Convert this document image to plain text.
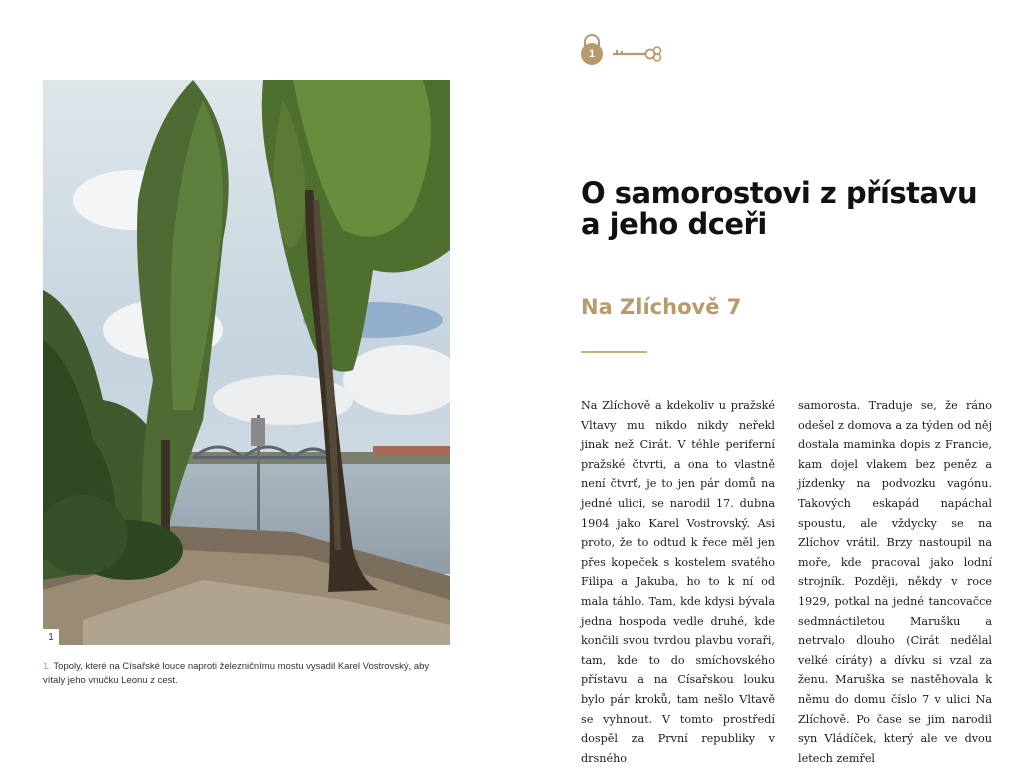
1
1. Topoly, které na Císařské louce naproti železničnímu mostu vysadil Karel Vostrovský, aby vítaly jeho vnučku Leonu z cest.
1
O samorostovi z přístavu a jeho dceři
Na Zlíchově 7
Na Zlíchově a kdekoliv u pražské Vltavy mu nikdo nikdy neřekl jinak než Cirát. V téhle periferní pražské čtvrti, a ona to vlastně není čtvrť, je to jen pár domů na jedné ulici, se narodil 17. dubna 1904 jako Karel Vostrovský. Asi proto, že to odtud k řece měl jen přes kopeček s kostelem svatého Filipa a Jakuba, ho to k ní od mala táhlo. Tam, kde kdysi bývala jedna hospoda vedle druhé, kde končili svou tvrdou plavbu voraři, tam, kde to do smíchovského přístavu a na Císařskou louku bylo pár kroků, tam nešlo Vltavě se vyhnout. V tomto prostředí dospěl za První republiky v drsného
samorosta. Traduje se, že ráno odešel z domova a za týden od něj dostala maminka dopis z Francie, kam dojel vlakem bez peněz a jízdenky na podvozku vagónu. Takových eskapád napáchal spoustu, ale vždycky se na Zlíchov vrátil. Brzy nastoupil na moře, kde pracoval jako lodní strojník. Později, někdy v roce 1929, potkal na jedné tancovačce sedmnáctiletou Marušku a netrvalo dlouho (Cirát nedělal velké círáty) a dívku si vzal za ženu. Maruška se nastěhovala k němu do domu číslo 7 v ulici Na Zlíchově. Po čase se jim narodil syn Vládíček, který ale ve dvou letech zemřel
